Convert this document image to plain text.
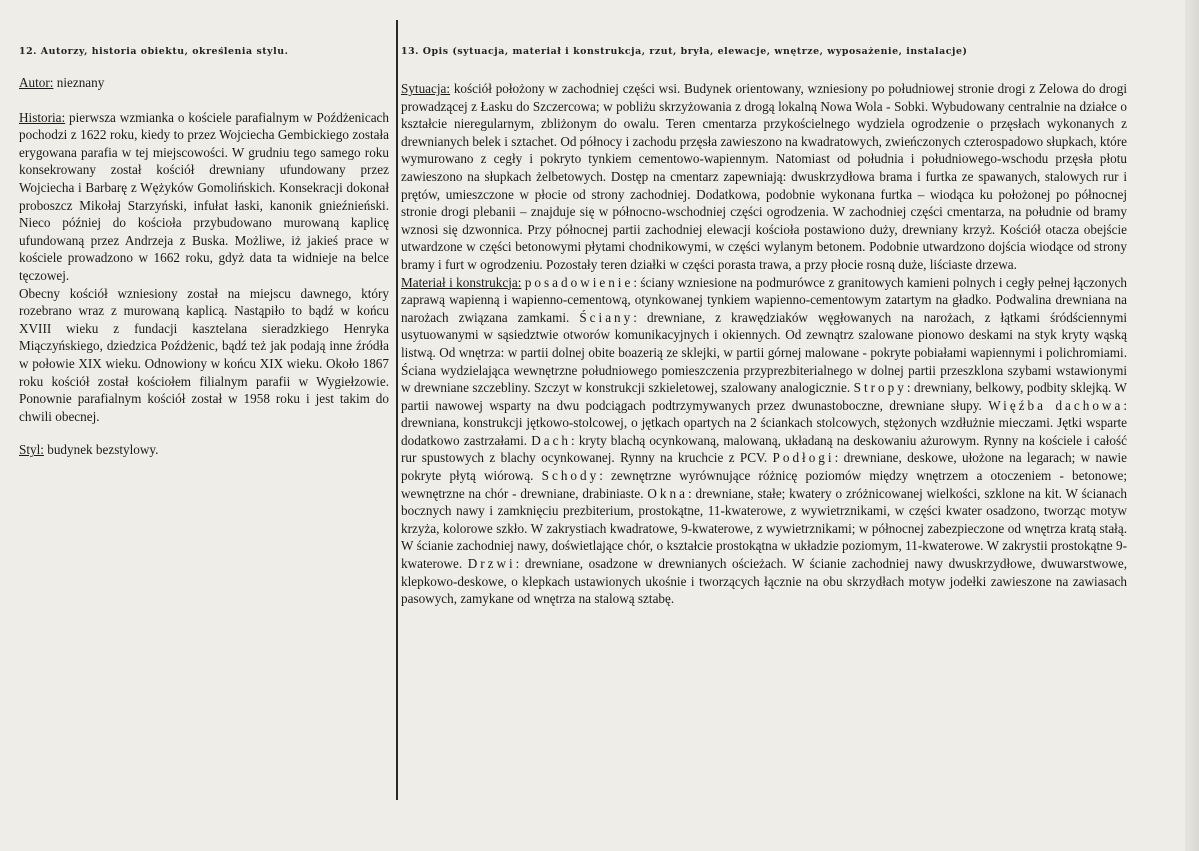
12. Autorzy, historia obiektu, określenia stylu.

Autor: nieznany

Historia: pierwsza wzmianka o kościele parafialnym w Poźdżenicach pochodzi z 1622 roku, kiedy to przez Wojciecha Gembickiego została erygowana parafia w tej miejscowości. W grudniu tego samego roku konsekrowany został kościół drewniany ufundowany przez Wojciecha i Barbarę z Wężyków Gomolińskich. Konsekracji dokonał proboszcz Mikołaj Starzyński, infułat łaski, kanonik gnieźnieński. Nieco później do kościoła przybudowano murowaną kaplicę ufundowaną przez Andrzeja z Buska. Możliwe, iż jakieś prace w kościele prowadzono w 1662 roku, gdyż data ta widnieje na belce tęczowej.

Obecny kościół wzniesiony został na miejscu dawnego, który rozebrano wraz z murowaną kaplicą. Nastąpiło to bądź w końcu XVIII wieku z fundacji kasztelana sieradzkiego Henryka Miączyńskiego, dziedzica Poźdżenic, bądź też jak podają inne źródła w połowie XIX wieku. Odnowiony w końcu XIX wieku. Około 1867 roku kościół został kościołem filialnym parafii w Wygiełzowie. Ponownie parafialnym kościół został w 1958 roku i jest takim do chwili obecnej.

Styl: budynek bezstylowy.

13. Opis (sytuacja, materiał i konstrukcja, rzut, bryła, elewacje, wnętrze, wyposażenie, instalacje)

Sytuacja: kościół położony w zachodniej części wsi. Budynek orientowany, wzniesiony po południowej stronie drogi z Zelowa do drogi prowadzącej z Łasku do Szczercowa; w pobliżu skrzyżowania z drogą lokalną Nowa Wola - Sobki. Wybudowany centralnie na działce o kształcie nieregularnym, zbliżonym do owalu. Teren cmentarza przykościelnego wydziela ogrodzenie o przęsłach wykonanych z drewnianych belek i sztachet. Od północy i zachodu przęsła zawieszono na kwadratowych, zwieńczonych czterospadowo słupkach, które wymurowano z cegły i pokryto tynkiem cementowo-wapiennym. Natomiast od południa i południowego-wschodu przęsła płotu zawieszono na słupkach żelbetowych. Dostęp na cmentarz zapewniają: dwuskrzydłowa brama i furtka ze spawanych, stalowych rur i prętów, umieszczone w płocie od strony zachodniej. Dodatkowa, podobnie wykonana furtka – wiodąca ku położonej po północnej stronie drogi plebanii – znajduje się w północno-wschodniej części ogrodzenia. W zachodniej części cmentarza, na południe od bramy wznosi się dzwonnica. Przy północnej partii zachodniej elewacji kościoła postawiono duży, drewniany krzyż. Kościół otacza obejście utwardzone w części betonowymi płytami chodnikowymi, w części wylanym betonem. Podobnie utwardzono dojścia wiodące od strony bramy i furt w ogrodzeniu. Pozostały teren działki w części porasta trawa, a przy płocie rosną duże, liściaste drzewa.

Materiał i konstrukcja: posadowienie: ściany wzniesione na podmurówce z granitowych kamieni polnych i cegły pełnej łączonych zaprawą wapienną i wapienno-cementową, otynkowanej tynkiem wapienno-cementowym zatartym na gładko. Podwalina drewniana na narożach związana zamkami. Ściany: drewniane, z krawędziaków węgłowanych na narożach, z łątkami śródściennymi usytuowanymi w sąsiedztwie otworów komunikacyjnych i okiennych. Od zewnątrz szalowane pionowo deskami na styk kryty wąską listwą. Od wnętrza: w partii dolnej obite boazerią ze sklejki, w partii górnej malowane - pokryte pobiałami wapiennymi i polichromiami. Ściana wydzielająca wewnętrzne południowego pomieszczenia przyprezbiterialnego w dolnej partii przeszklona szybami wstawionymi w drewniane szczebliny. Szczyt w konstrukcji szkieletowej, szalowany analogicznie. Stropy: drewniany, belkowy, podbity sklejką. W partii nawowej wsparty na dwu podciągach podtrzymywanych przez dwunastoboczne, drewniane słupy. Więźba dachowa: drewniana, konstrukcji jętkowo-stolcowej, o jętkach opartych na 2 ściankach stolcowych, stężonych wzdłużnie mieczami. Jętki wsparte dodatkowo zastrzałami. Dach: kryty blachą ocynkowaną, malowaną, układaną na deskowaniu ażurowym. Rynny na kościele i całość rur spustowych z blachy ocynkowanej. Rynny na kruchcie z PCV. Podłogi: drewniane, deskowe, ułożone na legarach; w nawie pokryte płytą wiórową. Schody: zewnętrzne wyrównujące różnicę poziomów między wnętrzem a otoczeniem - betonowe; wewnętrzne na chór - drewniane, drabiniaste. Okna: drewniane, stałe; kwatery o zróżnicowanej wielkości, szklone na kit. W ścianach bocznych nawy i zamknięciu prezbiterium, prostokątne, 11-kwaterowe, z wywietrznikami, w części kwater osadzono, tworząc motyw krzyża, kolorowe szkło. W zakrystiach kwadratowe, 9-kwaterowe, z wywietrznikami; w północnej zabezpieczone od wnętrza kratą stałą. W ścianie zachodniej nawy, doświetlające chór, o kształcie prostokątna w układzie poziomym, 11-kwaterowe. W zakrystii prostokątne 9-kwaterowe. Drzwi: drewniane, osadzone w drewnianych ościeżach. W ścianie zachodniej nawy dwuskrzydłowe, dwuwarstwowe, klepkowo-deskowe, o klepkach ustawionych ukośnie i tworzących łącznie na obu skrzydłach motyw jodełki zawieszone na zawiasach pasowych, zamykane od wnętrza na stalową sztabę.
